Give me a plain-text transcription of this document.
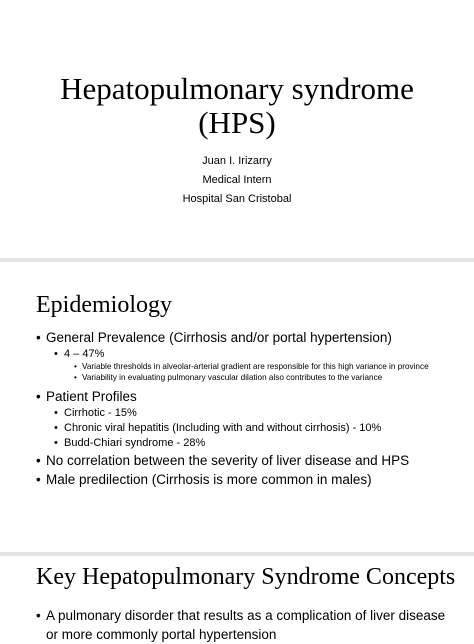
Hepatopulmonary syndrome
(HPS)
Juan I. Irizarry
Medical Intern
Hospital San Cristobal
Epidemiology
• General Prevalence (Cirrhosis and/or portal hypertension)
• 4 – 47%
• Variable thresholds in alveolar-arterial gradient are responsible for this high variance in province
• Variability in evaluating pulmonary vascular dilation also contributes to the variance
• Patient Profiles
• Cirrhotic - 15%
• Chronic viral hepatitis (Including with and without cirrhosis) - 10%
• Budd-Chiari syndrome - 28%
• No correlation between the severity of liver disease and HPS
• Male predilection (Cirrhosis is more common in males)
Key Hepatopulmonary Syndrome Concepts
• A pulmonary disorder that results as a complication of liver disease or more commonly portal hypertension
